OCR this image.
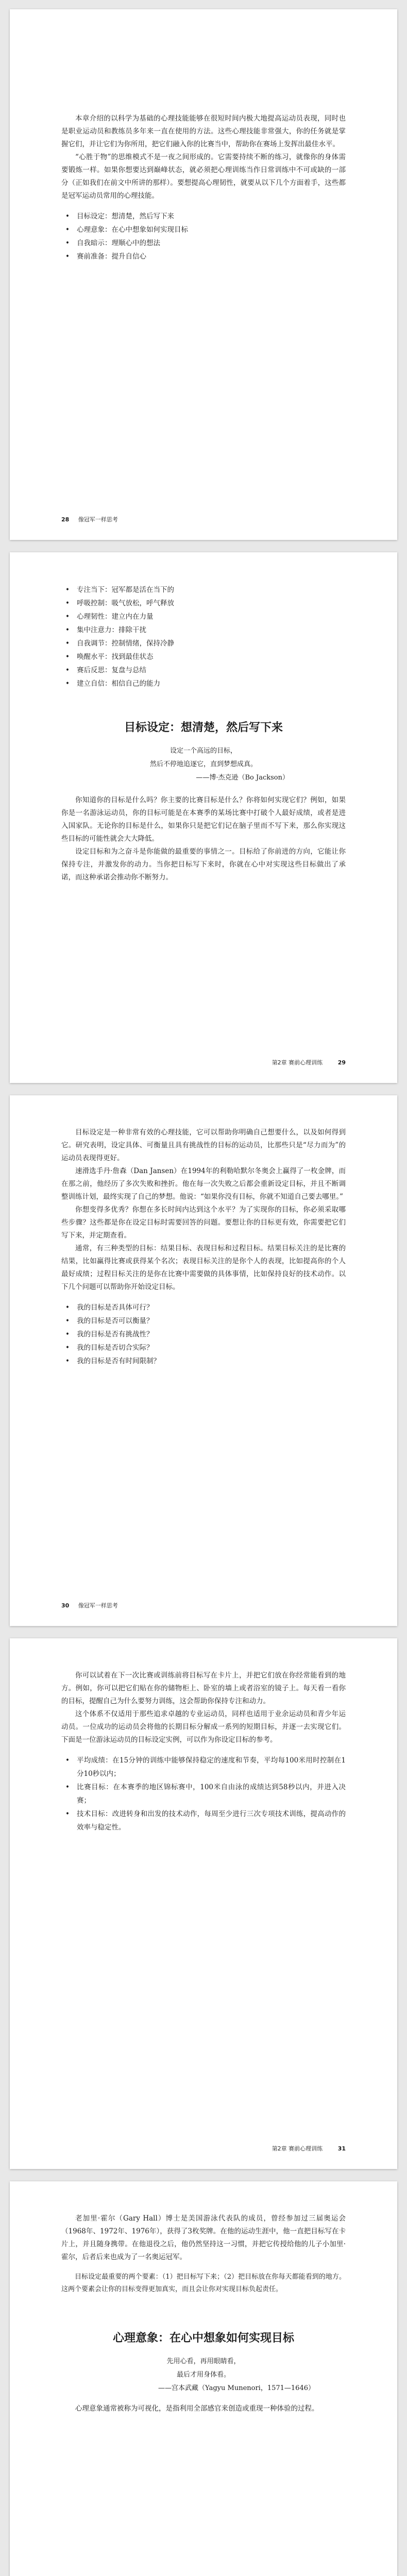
本章介绍的以科学为基础的心理技能能够在很短时间内极大地提高运动员表现，同时也是职业运动员和教练员多年来一直在使用的方法。这些心理技能非常强大，你的任务就是掌握它们，并让它们为你所用，把它们融入你的比赛当中，帮助你在赛场上发挥出最佳水平。

“心胜于物”的思维模式不是一夜之间形成的。它需要持续不断的练习，就像你的身体需要锻炼一样。如果你想要达到巅峰状态，就必须把心理训练当作日常训练中不可或缺的一部分（正如我们在前文中所讲的那样）。要想提高心理韧性，就要从以下几个方面着手，这些都是冠军运动员常用的心理技能。

• 目标设定：想清楚，然后写下来
• 心理意象：在心中想象如何实现目标
• 自我暗示：理顺心中的想法
• 赛前准备：提升自信心
28 像冠军一样思考
• 专注当下：冠军都是活在当下的
• 呼吸控制：吸气放松，呼气释放
• 心理韧性：建立内在力量
• 集中注意力：排除干扰
• 自我调节：控制情绪，保持冷静
• 唤醒水平：找到最佳状态
• 赛后反思：复盘与总结
• 建立自信：相信自己的能力
目标设定：想清楚，然后写下来

设定一个高远的目标，

然后不停地追逐它，直到梦想成真。

——博·杰克逊（Bo Jackson）

你知道你的目标是什么吗？你主要的比赛目标是什么？你将如何实现它们？例如，如果你是一名游泳运动员，你的目标可能是在本赛季的某场比赛中打破个人最好成绩，或者是进入国家队。无论你的目标是什么，如果你只是把它们记在脑子里而不写下来，那么你实现这些目标的可能性就会大大降低。

设定目标和为之奋斗是你能做的最重要的事情之一。目标给了你前进的方向，它能让你保持专注，并激发你的动力。当你把目标写下来时，你就在心中对实现这些目标做出了承诺，而这种承诺会推动你不断努力。

第2章 赛前心理训练	29

目标设定是一种非常有效的心理技能，它可以帮助你明确自己想要什么，以及如何得到它。研究表明，设定具体、可衡量且具有挑战性的目标的运动员，比那些只是“尽力而为”的运动员表现得更好。

速滑选手丹·詹森（Dan Jansen）在1994年的利勒哈默尔冬奥会上赢得了一枚金牌，而在那之前，他经历了多次失败和挫折。他在每一次失败之后都会重新设定目标，并且不断调整训练计划，最终实现了自己的梦想。他说：“如果你没有目标，你就不知道自己要去哪里。”

你想变得多优秀？你想在多长时间内达到这个水平？为了实现你的目标，你必须采取哪些步骤？这些都是你在设定目标时需要回答的问题。要想让你的目标更有效，你需要把它们写下来，并定期查看。

通常，有三种类型的目标：结果目标、表现目标和过程目标。结果目标关注的是比赛的结果，比如赢得比赛或获得某个名次；表现目标关注的是你个人的表现，比如提高你的个人最好成绩；过程目标关注的是你在比赛中需要做的具体事情，比如保持良好的技术动作。以下几个问题可以帮助你开始设定目标。

• 我的目标是否具体可行？
• 我的目标是否可以衡量？
• 我的目标是否有挑战性？
• 我的目标是否切合实际？
• 我的目标是否有时间限制？
30 像冠军一样思考

你可以试着在下一次比赛或训练前将目标写在卡片上，并把它们放在你经常能看到的地方。例如，你可以把它们贴在你的储物柜上、卧室的墙上或者浴室的镜子上。每天看一看你的目标，提醒自己为什么要努力训练，这会帮助你保持专注和动力。

这个体系不仅适用于那些追求卓越的专业运动员，同样也适用于业余运动员和青少年运动员。一位成功的运动员会将他的长期目标分解成一系列的短期目标，并逐一去实现它们。下面是一位游泳运动员的目标设定实例，可以作为你设定目标的参考。

• 平均成绩：在15分钟的训练中能够保持稳定的速度和节奏，平均每100米用时控制在1分10秒以内；
• 比赛目标：在本赛季的地区锦标赛中，100米自由泳的成绩达到58秒以内，并进入决赛；
• 技术目标：改进转身和出发的技术动作，每周至少进行三次专项技术训练，提高动作的效率与稳定性。
第2章 赛前心理训练	31

老加里·霍尔（Gary Hall）博士是美国游泳代表队的成员，曾经参加过三届奥运会（1968年、1972年、1976年），获得了3枚奖牌。在他的运动生涯中，他一直把目标写在卡片上，并且随身携带。在他退役之后，他仍然坚持这一习惯，并把它传授给他的儿子小加里·霍尔，后者后来也成为了一名奥运冠军。

目标设定最重要的两个要素：（1）把目标写下来；（2）把目标放在你每天都能看到的地方。这两个要素会让你的目标变得更加真实，而且会让你对实现目标负起责任。

心理意象：在心中想象如何实现目标

先用心看，再用眼睛看，

最后才用身体看。

——宫本武藏（Yagyu Munenori，1571—1646）

心理意象通常被称为可视化，是指利用全部感官来创造或重现一种体验的过程。
